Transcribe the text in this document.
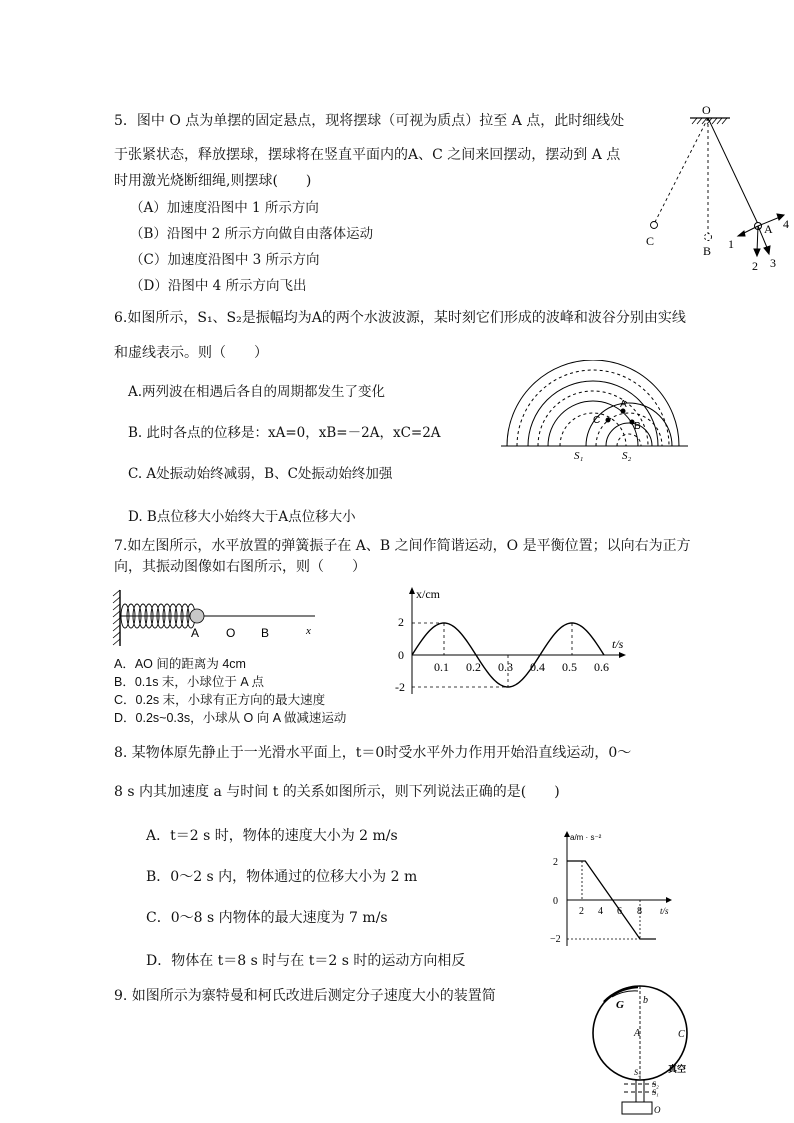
5．图中 O 点为单摆的固定悬点，现将摆球（可视为质点）拉至 A 点，此时细线处
于张紧状态，释放摆球，摆球将在竖直平面内的A、C 之间来回摆动，摆动到 A 点
时用激光烧断细绳,则摆球(　　)
（A）加速度沿图中 1 所示方向
（B）沿图中 2 所示方向做自由落体运动
（C）加速度沿图中 3 所示方向
（D）沿图中 4 所示方向飞出
O
C
B
A
1
2 3
4
6.如图所示，S₁、S₂是振幅均为A的两个水波波源，某时刻它们形成的波峰和波谷分别由实线
和虚线表示。则（　　）
A.两列波在相遇后各自的周期都发生了变化
B. 此时各点的位移是：xA=0，xB=－2A，xC=2A
C. A处振动始终减弱，B、C处振动始终加强
D. B点位移大小始终大于A点位移大小
A
B
C
S₁	S₂
7.如左图所示，水平放置的弹簧振子在 A、B 之间作简谐运动，O 是平衡位置；以向右为正方
向，其振动图像如右图所示，则（　　）
A O B	x
A．AO 间的距离为 4cm
B．0.1s 末，小球位于 A 点
C．0.2s 末，小球有正方向的最大速度
D．0.2s~0.3s，小球从 O 向 A 做减速运动
x/cm
t/s
2
0
-2
0.1 0.2 0.3 0.4 0.5 0.6
8. 某物体原先静止于一光滑水平面上，t＝0时受水平外力作用开始沿直线运动，0～
8 s 内其加速度 a 与时间 t 的关系如图所示，则下列说法正确的是(　　)
A．t＝2 s 时，物体的速度大小为 2 m/s
B．0～2 s 内，物体通过的位移大小为 2 m
C．0～8 s 内物体的最大速度为 7 m/s
D．物体在 t＝8 s 时与在 t＝2 s 时的运动方向相反
a/m · s⁻²
t/s
2
0
−2
2 4 6 8
9. 如图所示为寨特曼和柯氏改进后测定分子速度大小的装置简
G b
A	C
S₃	真空
S₂
S₁
O
